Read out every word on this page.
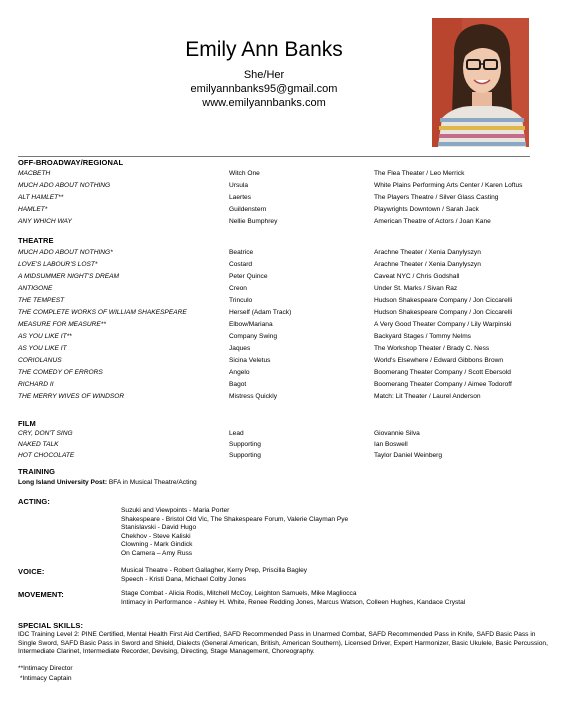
Emily Ann Banks
She/Her
emilyannbanks95@gmail.com
www.emilyannbanks.com
OFF-BROADWAY/REGIONAL
MACBETH	Witch One	The Flea Theater / Leo Merrick
MUCH ADO ABOUT NOTHING	Ursula	White Plains Performing Arts Center / Karen Loftus
ALT HAMLET**	Laertes	The Players Theatre / Silver Glass Casting
HAMLET*	Guildenstern	Playwrights Downtown / Sarah Jack
ANY WHICH WAY	Nellie Bumphrey	American Theatre of Actors / Joan Kane
THEATRE
MUCH ADO ABOUT NOTHING*	Beatrice	Arachne Theater / Xenia Danylyszyn
LOVE'S LABOUR'S LOST*	Costard	Arachne Theater / Xenia Danylyszyn
A MIDSUMMER NIGHT'S DREAM	Peter Quince	Caveat NYC / Chris Godshall
ANTIGONE	Creon	Under St. Marks / Sivan Raz
THE TEMPEST	Trinculo	Hudson Shakespeare Company / Jon Ciccarelli
THE COMPLETE WORKS OF WILLIAM SHAKESPEARE	Herself (Adam Track)	Hudson Shakespeare Company / Jon Ciccarelli
MEASURE FOR MEASURE**	Elbow/Mariana	A Very Good Theater Company / Lily Warpinski
AS YOU LIKE IT**	Company Swing	Backyard Stages / Tommy Nelms
AS YOU LIKE IT	Jaques	The Workshop Theater / Brady C. Ness
CORIOLANUS	Sicina Veletus	World's Elsewhere / Edward Gibbons Brown
THE COMEDY OF ERRORS	Angelo	Boomerang Theater Company / Scott Ebersold
RICHARD II	Bagot	Boomerang Theater Company / Aimee Todoroff
THE MERRY WIVES OF WINDSOR	Mistress Quickly	Match: Lit Theater / Laurel Anderson
FILM
CRY, DON'T SING	Lead	Giovannie Silva
NAKED TALK	Supporting	Ian Boswell
HOT CHOCOLATE	Supporting	Taylor Daniel Weinberg
TRAINING
Long Island University Post: BFA in Musical Theatre/Acting
ACTING:
Suzuki and Viewpoints - Maria Porter
Shakespeare - Bristol Old Vic, The Shakespeare Forum, Valerie Clayman Pye
Stanislavski - David Hugo
Chekhov - Steve Kaliski
Clowning - Mark Gindick
On Camera – Amy Russ
VOICE:	Musical Theatre - Robert Gallagher, Kerry Prep, Priscilla Bagley
Speech - Kristi Dana, Michael Colby Jones
MOVEMENT:	Stage Combat - Alicia Rodis, Mitchell McCoy, Leighton Samuels, Mike Magliocca
Intimacy in Performance - Ashley H. White, Renee Redding Jones, Marcus Watson, Colleen Hughes, Kandace Crystal
SPECIAL SKILLS:
IDC Training Level 2: PINE Certified, Mental Health First Aid Certified, SAFD Recommended Pass in Unarmed Combat, SAFD Recommended Pass in Knife, SAFD Basic Pass in Single Sword, SAFD Basic Pass in Sword and Shield, Dialects (General American, British, American Southern), Licensed Driver, Expert Harmonizer, Basic Ukulele, Basic Percussion, Intermediate Clarinet, Intermediate Recorder, Devising, Directing, Stage Management, Choreography.
**Intimacy Director
*Intimacy Captain
